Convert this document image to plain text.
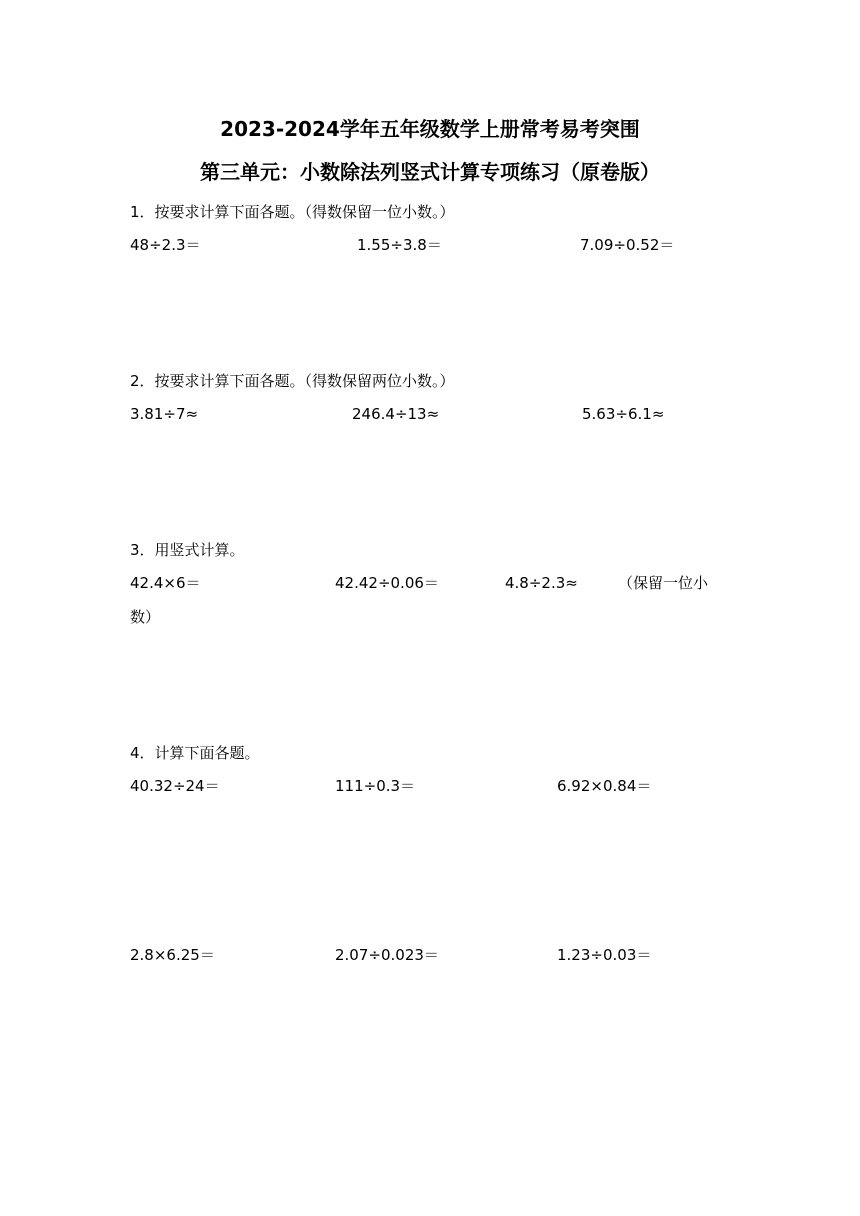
2023-2024学年五年级数学上册常考易考突围
第三单元：小数除法列竖式计算专项练习（原卷版）
1．按要求计算下面各题。（得数保留一位小数。）
48÷2.3＝	1.55÷3.8＝	7.09÷0.52＝
2．按要求计算下面各题。（得数保留两位小数。）
3.81÷7≈	246.4÷13≈	5.63÷6.1≈
3．用竖式计算。
42.4×6＝	42.42÷0.06＝	4.8÷2.3≈	（保留一位小
数）
4．计算下面各题。
40.32÷24＝	111÷0.3＝	6.92×0.84＝
2.8×6.25＝	2.07÷0.023＝	1.23÷0.03＝
